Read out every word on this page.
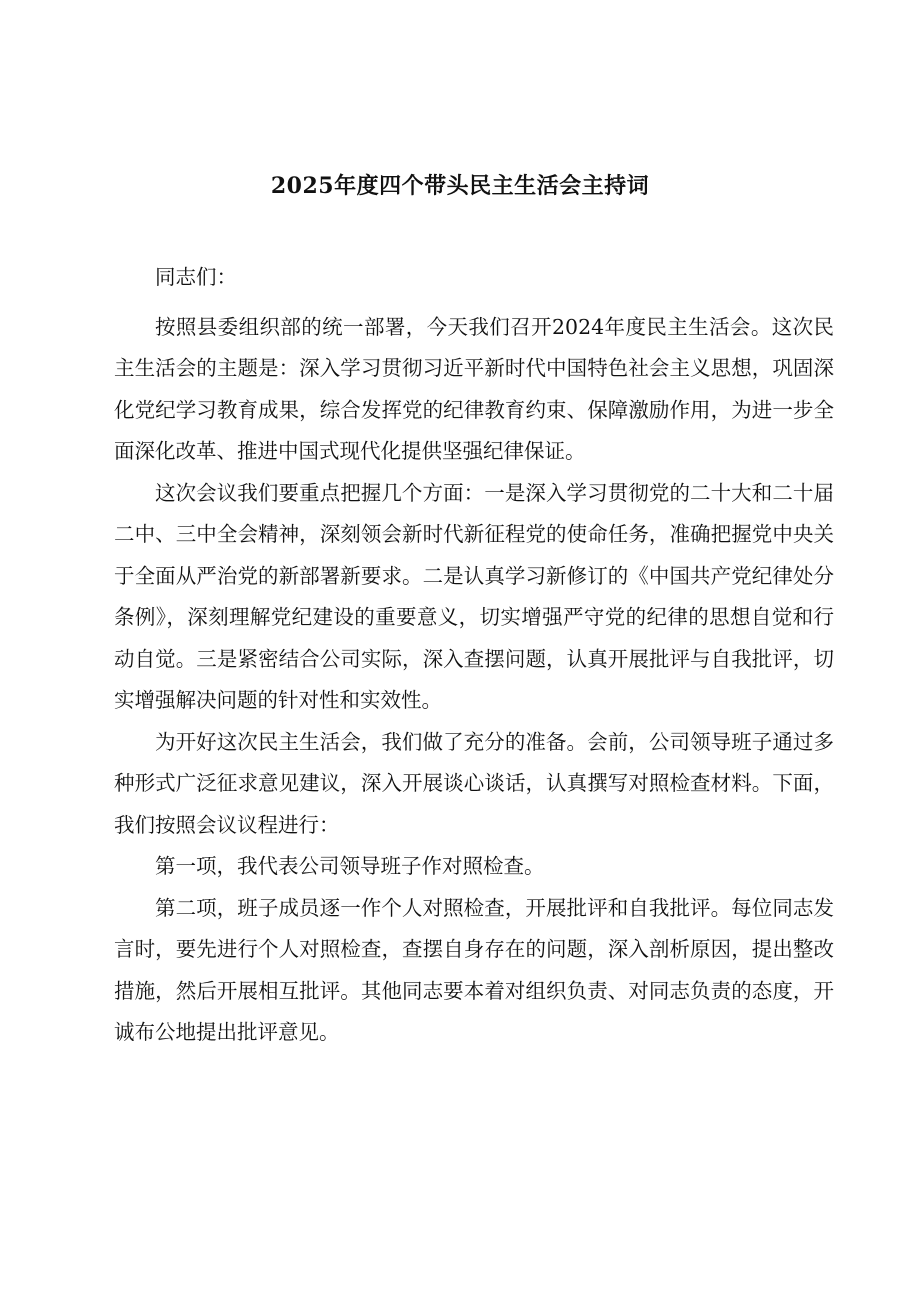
2025年度四个带头民主生活会主持词

同志们：

按照县委组织部的统一部署，今天我们召开2024年度民主生活会。这次民主生活会的主题是：深入学习贯彻习近平新时代中国特色社会主义思想，巩固深化党纪学习教育成果，综合发挥党的纪律教育约束、保障激励作用，为进一步全面深化改革、推进中国式现代化提供坚强纪律保证。

这次会议我们要重点把握几个方面：一是深入学习贯彻党的二十大和二十届二中、三中全会精神，深刻领会新时代新征程党的使命任务，准确把握党中央关于全面从严治党的新部署新要求。二是认真学习新修订的《中国共产党纪律处分条例》，深刻理解党纪建设的重要意义，切实增强严守党的纪律的思想自觉和行动自觉。三是紧密结合公司实际，深入查摆问题，认真开展批评与自我批评，切实增强解决问题的针对性和实效性。

为开好这次民主生活会，我们做了充分的准备。会前，公司领导班子通过多种形式广泛征求意见建议，深入开展谈心谈话，认真撰写对照检查材料。下面，我们按照会议议程进行：

第一项，我代表公司领导班子作对照检查。

第二项，班子成员逐一作个人对照检查，开展批评和自我批评。每位同志发言时，要先进行个人对照检查，查摆自身存在的问题，深入剖析原因，提出整改措施，然后开展相互批评。其他同志要本着对组织负责、对同志负责的态度，开诚布公地提出批评意见。
